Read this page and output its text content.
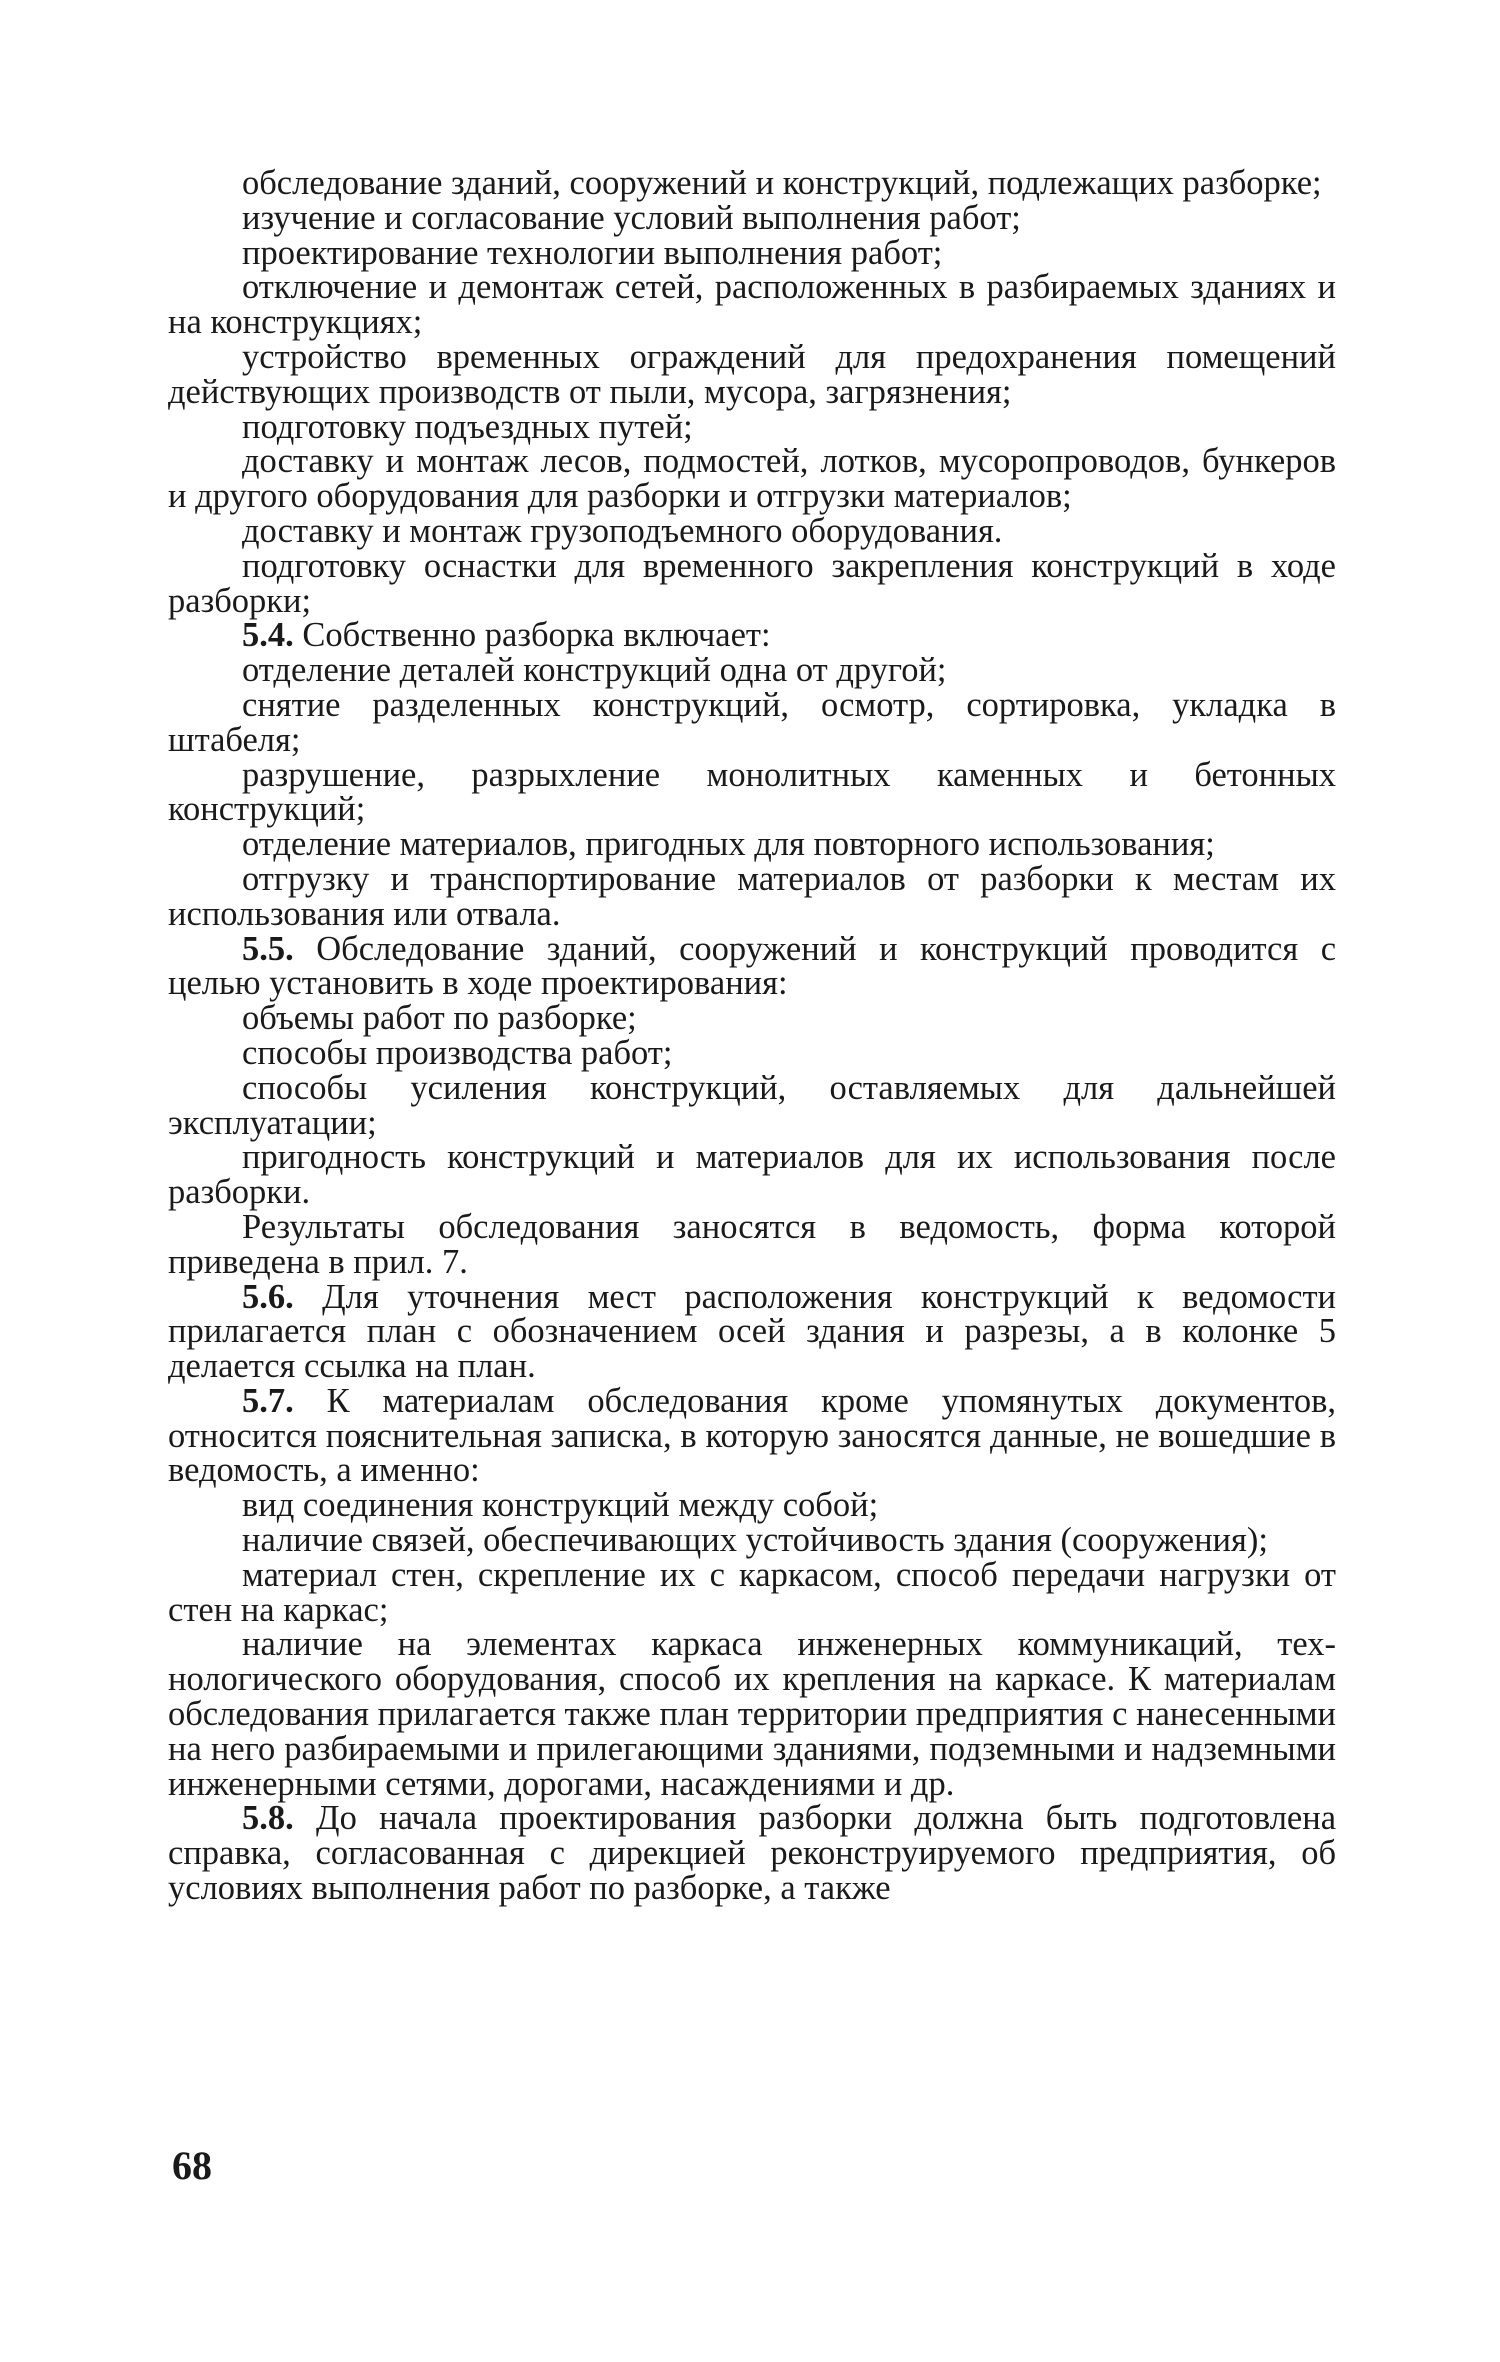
обследование зданий, сооружений и конструкций, подлежащих разборке;

изучение и согласование условий выполнения работ;

проектирование технологии выполнения работ;

отключение и демонтаж сетей, расположенных в разбираемых зданиях и на конструкциях;

устройство временных ограждений для предохранения помещений действующих производств от пыли, мусора, загрязнения;

подготовку подъездных путей;

доставку и монтаж лесов, подмостей, лотков, мусоропроводов, бункеров и другого оборудования для разборки и отгрузки материалов;

доставку и монтаж грузоподъемного оборудования.

подготовку оснастки для временного закрепления конструкций в ходе разборки;

5.4. Собственно разборка включает:

отделение деталей конструкций одна от другой;

снятие разделенных конструкций, осмотр, сортировка, укладка в штабеля;

разрушение, разрыхление монолитных каменных и бетонных конструкций;

отделение материалов, пригодных для повторного использования;

отгрузку и транспортирование материалов от разборки к местам их использования или отвала.

5.5. Обследование зданий, сооружений и конструкций проводится с целью установить в ходе проектирования:

объемы работ по разборке;

способы производства работ;

способы усиления конструкций, оставляемых для дальнейшей эксплуатации;

пригодность конструкций и материалов для их использования после разборки.

Результаты обследования заносятся в ведомость, форма которой приведена в прил. 7.

5.6. Для уточнения мест расположения конструкций к ведомости прилагается план с обозначением осей здания и разрезы, а в колонке 5 делается ссылка на план.

5.7. К материалам обследования кроме упомянутых документов, относится пояснительная записка, в которую заносятся данные, не вошедшие в ведомость, а именно:

вид соединения конструкций между собой;

наличие связей, обеспечивающих устойчивость здания (сооружения);

материал стен, скрепление их с каркасом, способ передачи нагрузки от стен на каркас;

наличие на элементах каркаса инженерных коммуникаций, технологического оборудования, способ их крепления на каркасе. К материалам обследования прилагается также план территории предприятия с нанесенными на него разбираемыми и прилегающими зданиями, подземными и надземными инженерными сетями, дорогами, насаждениями и др.

5.8. До начала проектирования разборки должна быть подготовлена справка, согласованная с дирекцией реконструируемого предприятия, об условиях выполнения работ по разборке, а также

68
